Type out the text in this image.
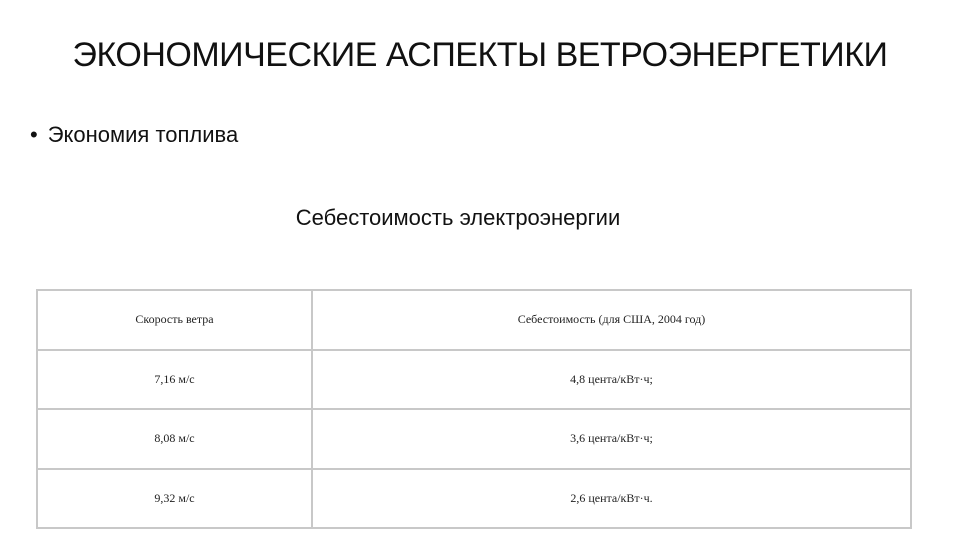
ЭКОНОМИЧЕСКИЕ АСПЕКТЫ ВЕТРОЭНЕРГЕТИКИ
• Экономия топлива
Себестоимость электроэнергии
Скорость ветра	Себестоимость (для США, 2004 год)
7,16 м/с	4,8 цента/кВт·ч;
8,08 м/с	3,6 цента/кВт·ч;
9,32 м/с	2,6 цента/кВт·ч.
